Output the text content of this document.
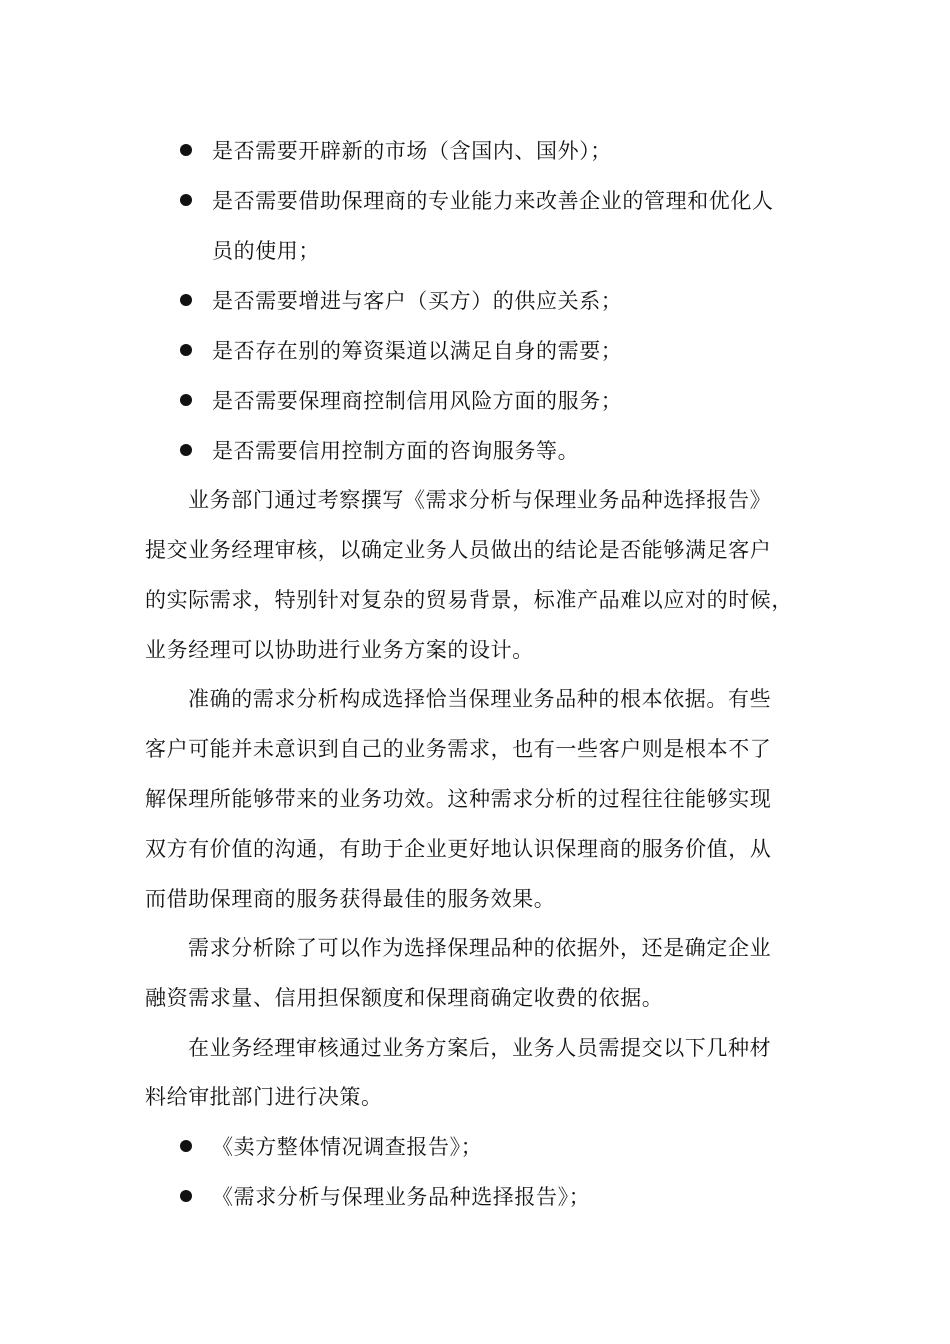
是否需要开辟新的市场（含国内、国外）；
是否需要借助保理商的专业能力来改善企业的管理和优化人
员的使用；
是否需要增进与客户（买方）的供应关系；
是否存在别的筹资渠道以满足自身的需要；
是否需要保理商控制信用风险方面的服务；
是否需要信用控制方面的咨询服务等。
业务部门通过考察撰写《需求分析与保理业务品种选择报告》
提交业务经理审核，以确定业务人员做出的结论是否能够满足客户
的实际需求，特别针对复杂的贸易背景，标准产品难以应对的时候，
业务经理可以协助进行业务方案的设计。
准确的需求分析构成选择恰当保理业务品种的根本依据。有些
客户可能并未意识到自己的业务需求，也有一些客户则是根本不了
解保理所能够带来的业务功效。这种需求分析的过程往往能够实现
双方有价值的沟通，有助于企业更好地认识保理商的服务价值，从
而借助保理商的服务获得最佳的服务效果。
需求分析除了可以作为选择保理品种的依据外，还是确定企业
融资需求量、信用担保额度和保理商确定收费的依据。
在业务经理审核通过业务方案后，业务人员需提交以下几种材
料给审批部门进行决策。
《卖方整体情况调查报告》；
《需求分析与保理业务品种选择报告》；
